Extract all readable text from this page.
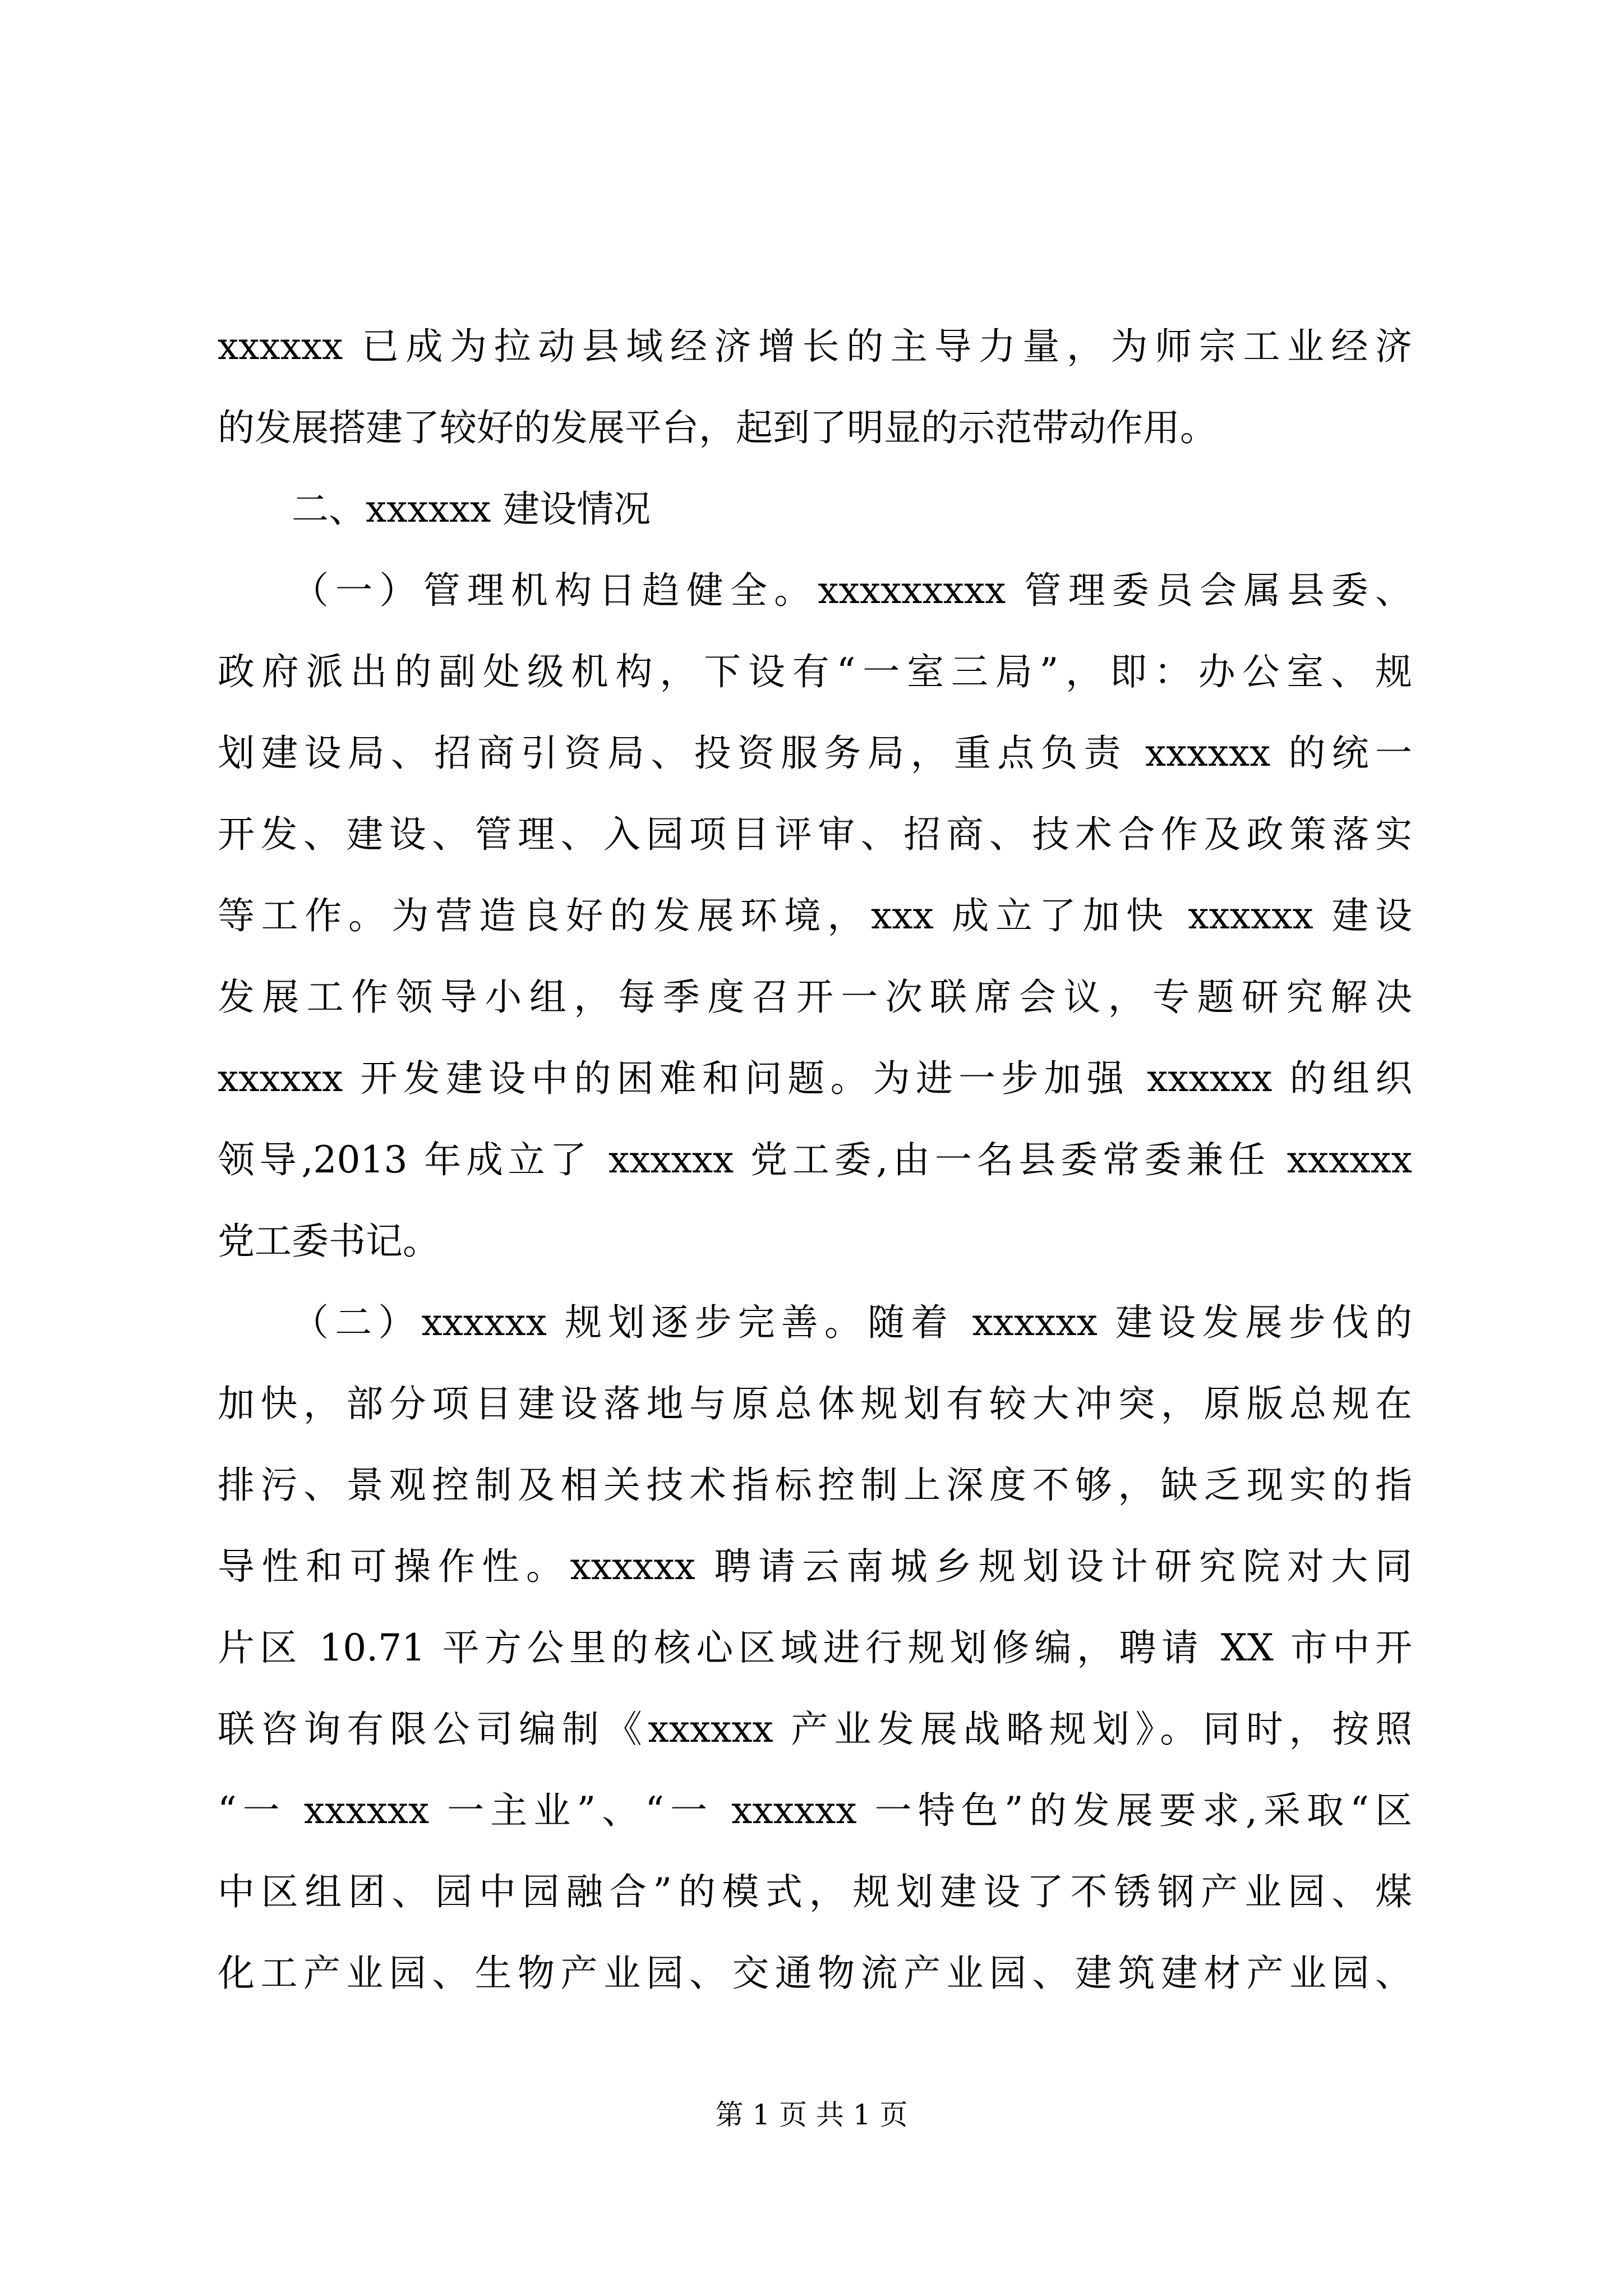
xxxxxx 已成为拉动县域经济增长的主导力量，为师宗工业经济
的发展搭建了较好的发展平台，起到了明显的示范带动作用。
二、xxxxxx 建设情况
（一）管理机构日趋健全。xxxxxxxxx 管理委员会属县委、
政府派出的副处级机构，下设有“一室三局”，即：办公室、规
划建设局、招商引资局、投资服务局，重点负责 xxxxxx 的统一
开发、建设、管理、入园项目评审、招商、技术合作及政策落实
等工作。为营造良好的发展环境，xxx 成立了加快 xxxxxx 建设
发展工作领导小组，每季度召开一次联席会议，专题研究解决
xxxxxx 开发建设中的困难和问题。为进一步加强 xxxxxx 的组织
领导,2013 年成立了 xxxxxx 党工委,由一名县委常委兼任 xxxxxx
党工委书记。
（二）xxxxxx 规划逐步完善。随着 xxxxxx 建设发展步伐的
加快，部分项目建设落地与原总体规划有较大冲突，原版总规在
排污、景观控制及相关技术指标控制上深度不够，缺乏现实的指
导性和可操作性。xxxxxx 聘请云南城乡规划设计研究院对大同
片区 10.71 平方公里的核心区域进行规划修编，聘请 XX 市中开
联咨询有限公司编制《xxxxxx 产业发展战略规划》。同时，按照
“一 xxxxxx 一主业”、“一 xxxxxx 一特色”的发展要求,采取“区
中区组团、园中园融合”的模式，规划建设了不锈钢产业园、煤
化工产业园、生物产业园、交通物流产业园、建筑建材产业园、
第 1 页 共 1 页
